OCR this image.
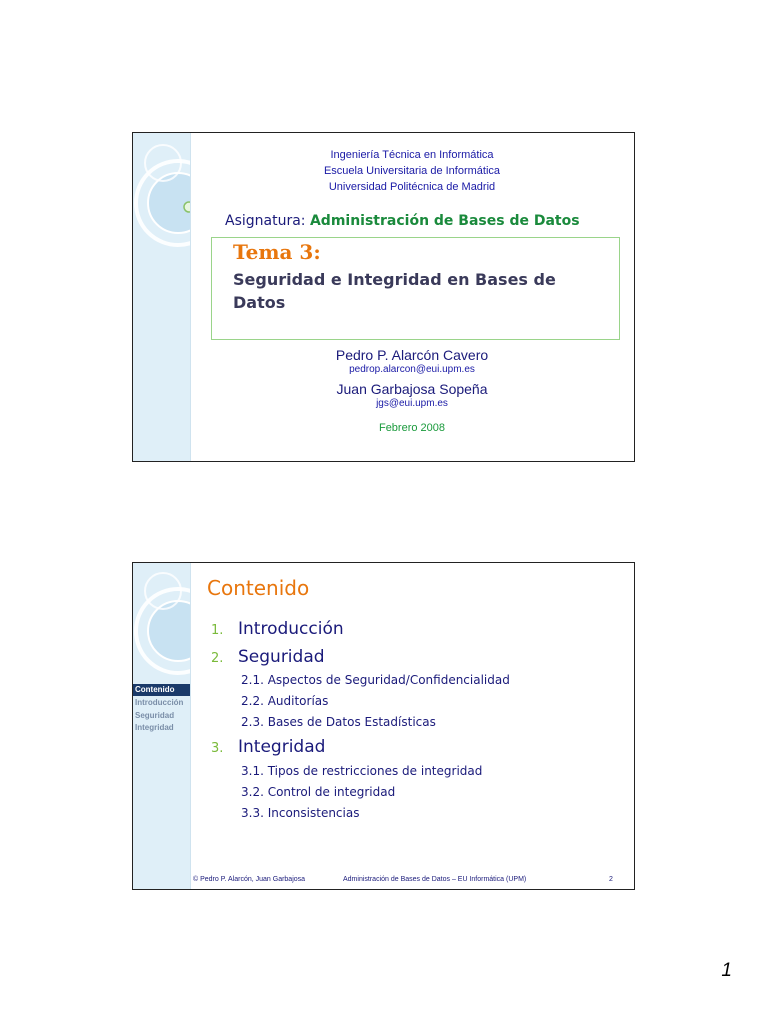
Ingeniería Técnica en Informática
Escuela Universitaria de Informática
Universidad Politécnica de Madrid
Asignatura: Administración de Bases de Datos
Tema 3:
Seguridad e Integridad en Bases de Datos
Pedro P. Alarcón Cavero
pedrop.alarcon@eui.upm.es
Juan Garbajosa Sopeña
jgs@eui.upm.es
Febrero 2008
Contenido
Introducción
Seguridad
Integridad
Contenido
1. Introducción
2. Seguridad
2.1. Aspectos de Seguridad/Confidencialidad
2.2. Auditorías
2.3. Bases de Datos Estadísticas
3. Integridad
3.1. Tipos de restricciones de integridad
3.2. Control de integridad
3.3. Inconsistencias
© Pedro P. Alarcón, Juan Garbajosa	Administración de Bases de Datos – EU Informática (UPM)	2
1
